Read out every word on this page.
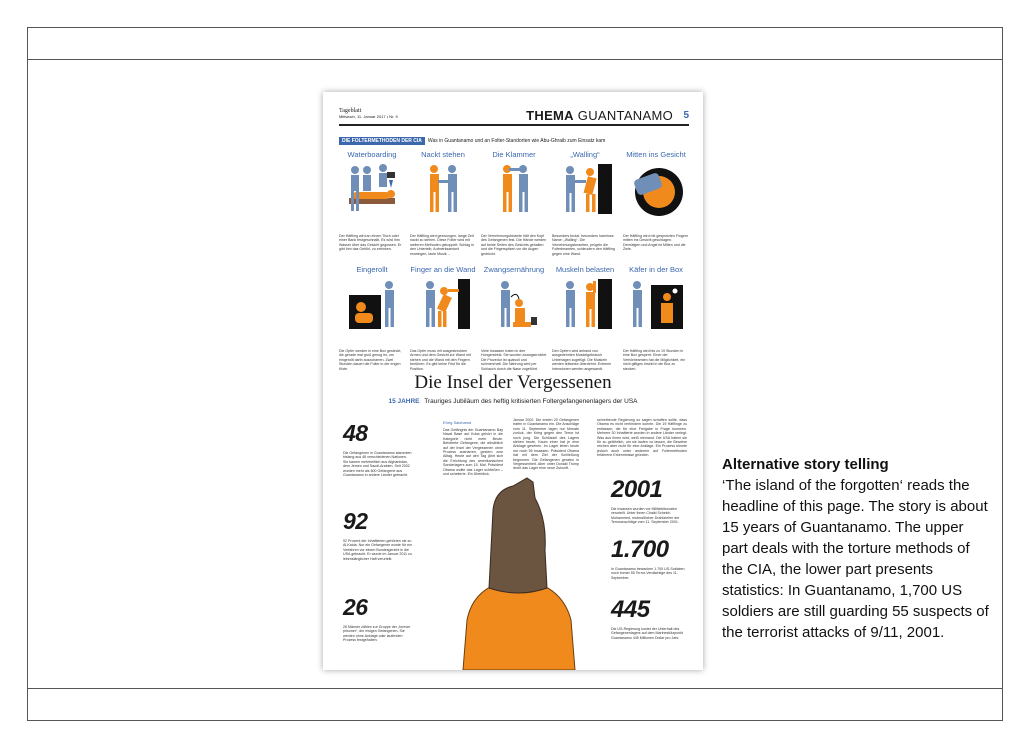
Tageblatt
Mittwoch, 11. Januar 2017 • Nr. 9	THEMA GUANTANAMO 5
DIE FOLTERMETHODEN DER CIA	Was in Guantanamo und an Folter-Standorten wie Abu-Ghraib zum Einsatz kam
Waterboarding
Der Häftling wird an einem Tisch oder einer Bank festgeschnallt. Es wird ihm Wasser über das Gesicht gegossen. Er gibt ihm das Gefühl, zu ertrinken.
Nackt stehen
Der Häftling wird gezwungen, lange Zeit nackt zu stehen. Diese Folter wird mit weiteren Methoden gekoppelt: Schlag in den Unterleib, Aufmerksamkeit erzwingen, laute Musik ...
Die Klammer
Der Vernehmungsbeamte hält den Kopf des Gefangenen fest. Die Hände werden auf beide Seiten des Gesichts gehalten und die Fingerspitzen vor die Augen gedrückt.
„Walling“
Besonders brutal, besonders harmlose Name: „Walling“. Die Vernehmungsbeamten, prügeln die Folterbeamten, schleudern den Häftling gegen eine Wand.
Mitten ins Gesicht
Der Häftling wird mit gespreizten Fingern mitten ins Gesicht geschlagen. Demütigen und Angst ist Mitten und die Ziele.
Eingerollt
Die Opfer werden in eine Box gesteckt, die gerade mal groß genug ist, um eingerollt darin auszuharren. Zwei Stunden dauert die Folter in der engen Kiste.
Finger an die Wand
Das Opfer muss mit ausgestreckten Armen und dem Gesicht zur Wand mit stehen und die Wand mit den Fingern berühren. Es gibt keine Frist für die Position.
Zwangsernährung
Viele Insassen traten in den Hungerstreik. Sie wurden zwangsernährt. Die Prozedur ist qualvoll und schmerzhaft. Die Nahrung wird per Schlauch durch die Nase zugeführt.
Muskeln belasten
Den Opfern wird anhand von ausgedehnten Muskelgebrauch Unbehagen zugefügt. Die Muskeln werden teilweise überdehnt. Extreme Intensionen werden angewandt.
Käfer in der Box
Der Häftling wird bis zu 19 Stunden in eine Box gesperrt. Einer der Verhörbeamten hat die Möglichkeit, ein nicht giftiges Insekt in die Box zu stecken.
Die Insel der Vergessenen
15 JAHRE Trauriges Jubiläum des heftig kritisierten Foltergefangenenlagers der USA
48
Die Gefangenen in Guantanamo stammten bislang aus 48 verschiedenen Nationen. Sie kamen mehrheitlich aus Afghanistan, dem Jemen und Saudi-Arabien. Seit 2002 wurden mehr als 600 Gefangene aus Guantanamo in andere Länder gebracht.
92
92 Prozent der Inhaftierten gehörten nie zu Al-Kaida. Nur ein Gefangener wurde für ein Verfahren vor einem Bundesgericht in die USA gebracht. Er wurde im Januar 2011 zu lebenslänglicher Haft verurteilt.
26
26 Männer zählen zur Gruppe der „forever prisoner“, der ewigen Gefangenen. Sie werden ohne Anklage oder laufenden Prozess festgehalten.
Ehrig Salzhamd
Das Gefängnis der Guantanamo Bay Naval Base auf Kuba gehört in die Kategorie nicht mehr Beute. Befolterte Gefangene, die allmählich auf der Insel der Vergessenen ohne Prozess ausharren, gestern zum Alltag. Heute auf den Tag jährt sich die Errichtung des amerikanischen Sonderlagers zum 15. Mal. Präsident Obama wollte das Lager schließen – und scheiterte. Ein Überblick.
Januar 2002. Die ersten 20 Gefangenen trafen in Guantanamo ein. Die Anschläge vom 11. September lagen nur Monate zurück, der Krieg gegen den Terror ist noch jung. Die Schlüssel des Lagers stehen heute. Kaum einer hat je eine Anklage gesehen. Im Lager leben heute nur noch 55 Insassen. Präsident Obama hat mit dem Ziel der Schließung begonnen. Die Gefangenen geraten in Vergessenheit. Aber unter Donald Trump droht das Lager eine neue Zukunft.
schreibende Regierung so sagen schaffen sollte, dass Obama es nicht verhindern konnte. Die 19 Häftlinge zu entlassen, die für eine Freigabe in Frage kommen. Mehrere 30 Inhaftierte wurden in andere Länder verlegt. Was aus ihnen wird, weiß niemand. Die USA haben sie für zu gefährlich, um sie laufen zu lassen, die Beweise reichen aber nicht für eine Anklage. Ein Prozess könnte jedoch auch unter anderem auf Foltermethoden erfahrene Erkenntnisse gründen.
2001
Die Insassen wurden vor Militärtribunalen verurteilt. Unter ihnen Chalid Scheich Mohammed, mutmaßlicher Drahtzieher der Terroranschläge vom 11. September 2001.
1.700
In Guantanamo bewachen 1.700 US-Soldaten noch immer 55 Terror-Verdächtige des 11. September.
445
Die US-Regierung kostet der Unterhalt des Gefangenenlagers auf dem Marinestützpunkt Guantanamo 445 Millionen Dollar pro Jahr.
Alternative story telling
‘The island of the forgotten‘ reads the headline of this page. The story is about 15 years of Guantanamo. The upper part deals with the torture methods of the CIA, the lower part presents statistics: In Guantanamo, 1,700 US soldiers are still guarding 55 suspects of the terrorist attacks of 9/11, 2001.
